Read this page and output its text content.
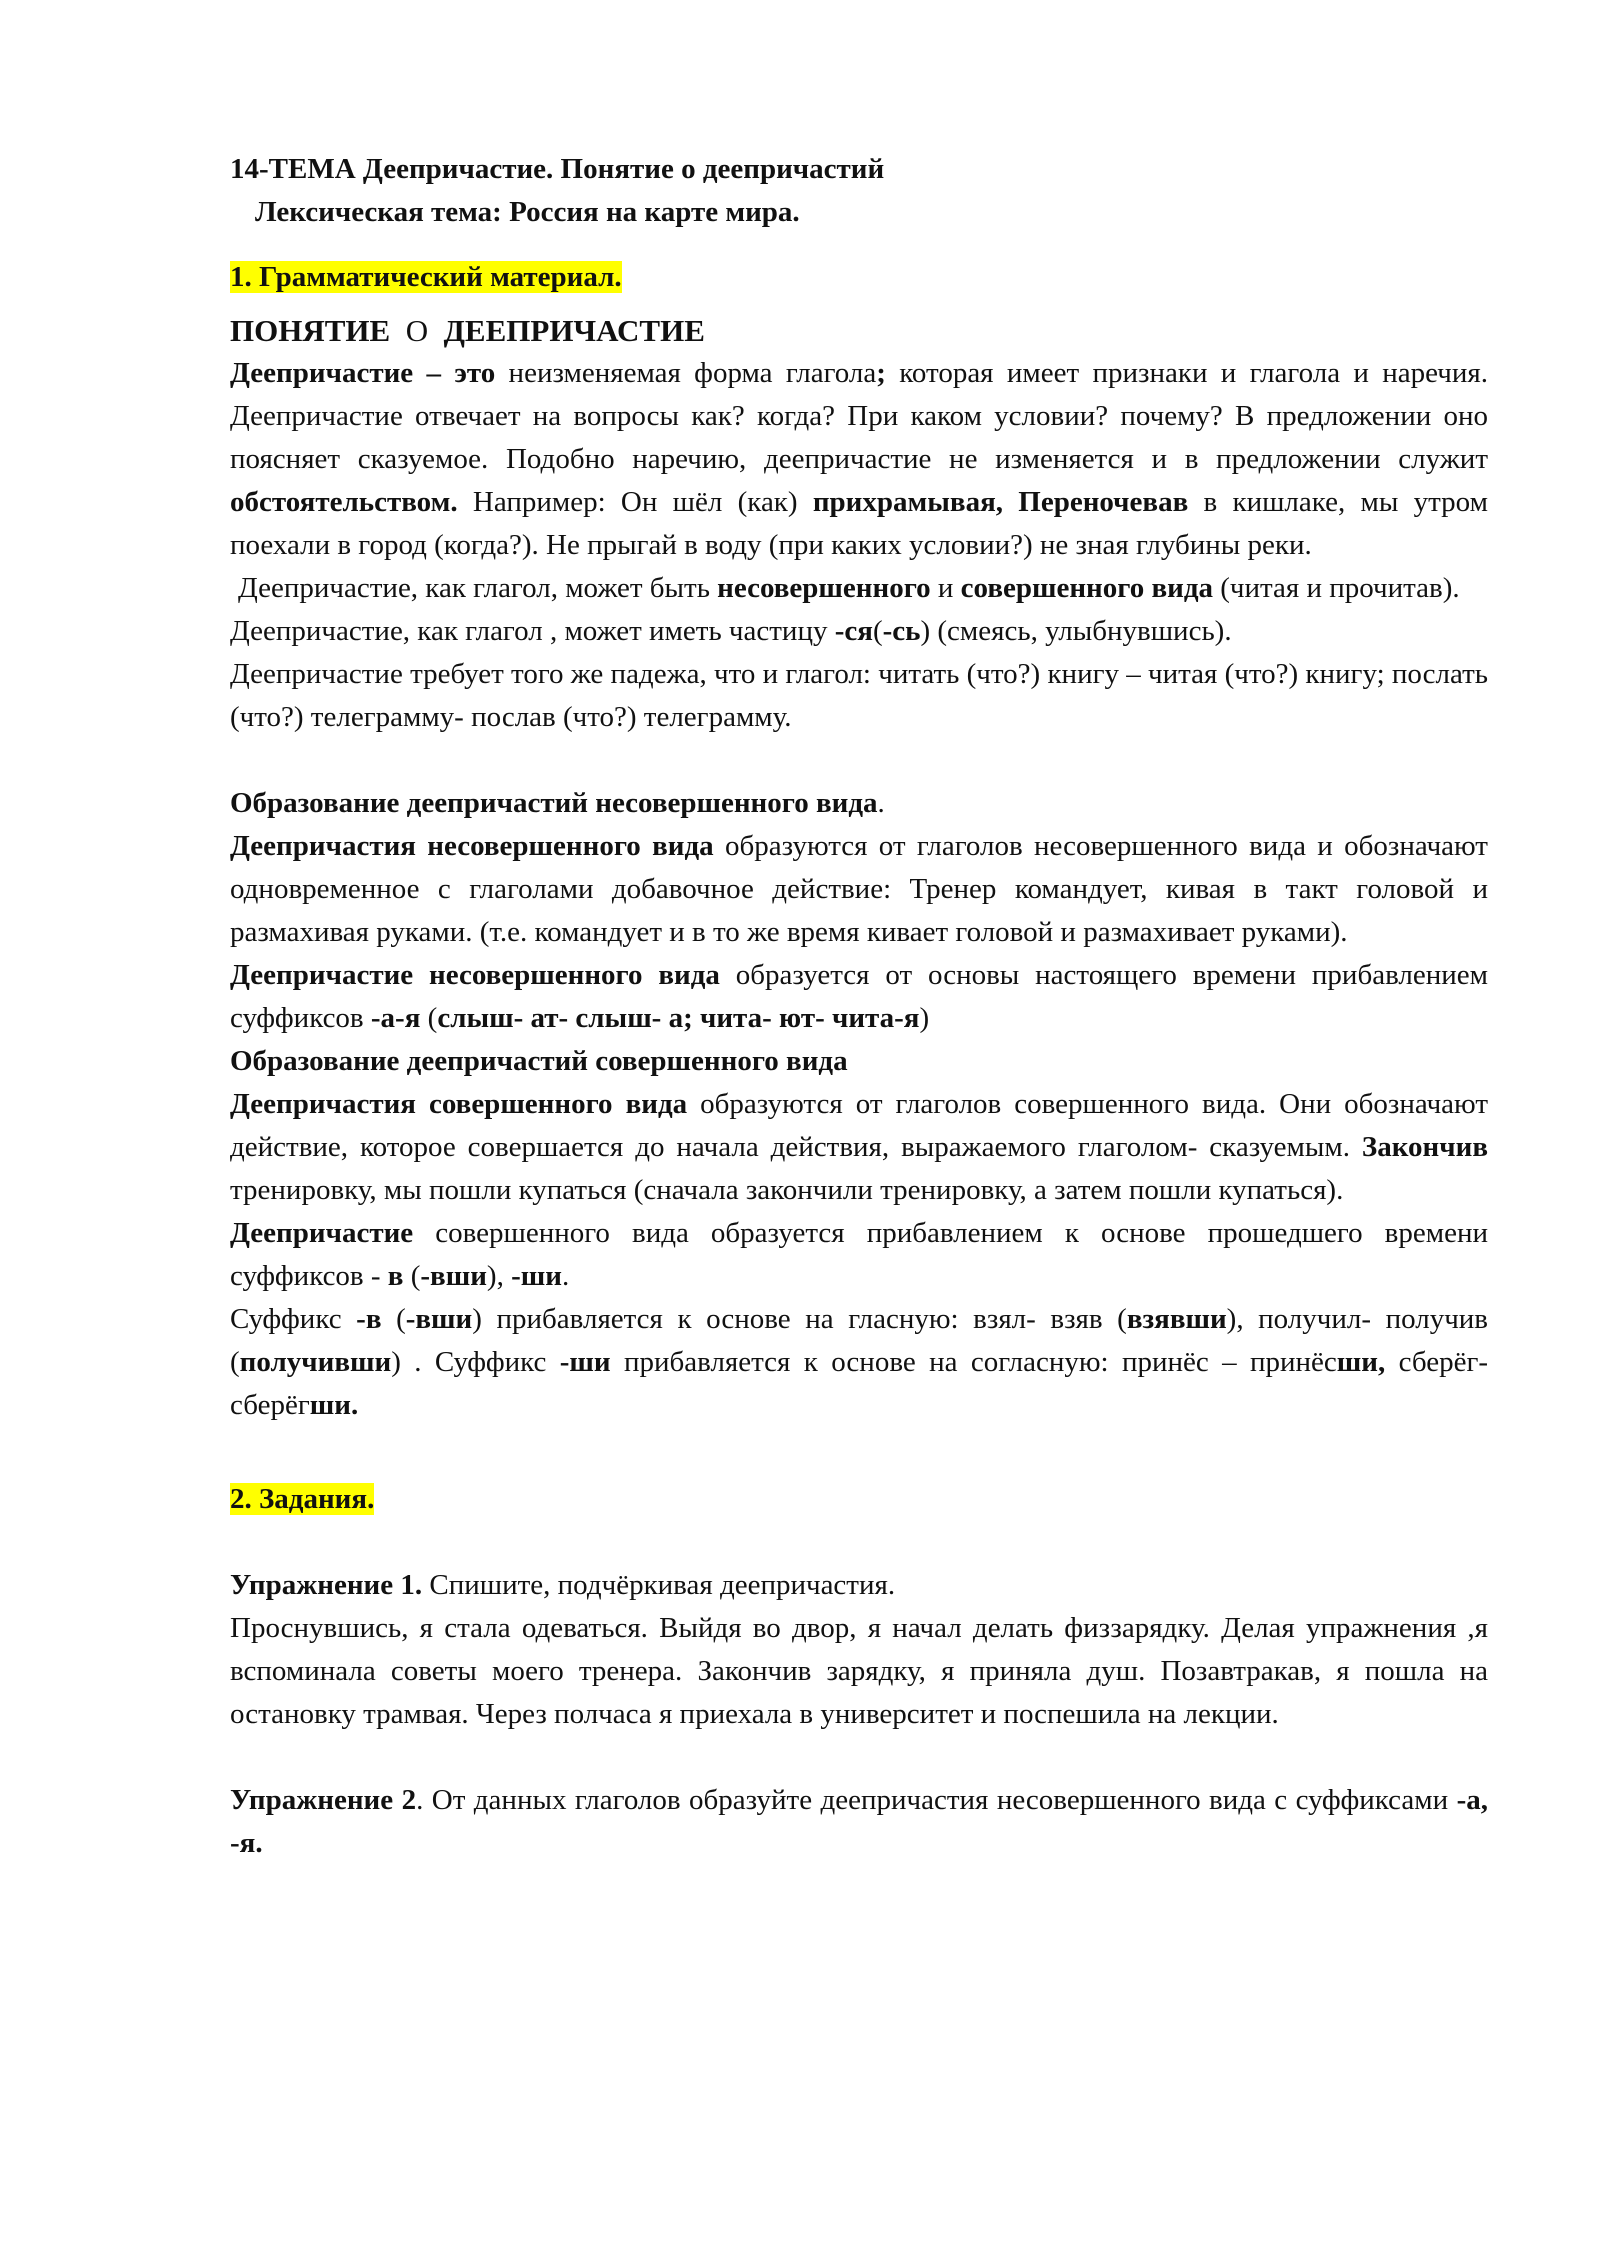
14-ТЕМА Деепричастие. Понятие о деепричастий

Лексическая тема: Россия на карте мира.

1. Грамматический материал.

ПОНЯТИЕ О ДЕЕПРИЧАСТИЕ

Деепричастие – это неизменяемая форма глагола; которая имеет признаки и глагола и наречия. Деепричастие отвечает на вопросы как? когда? При каком условии? почему? В предложении оно поясняет сказуемое. Подобно наречию, деепричастие не изменяется и в предложении служит обстоятельством. Например: Он шёл (как) прихрамывая, Переночевав в кишлаке, мы утром поехали в город (когда?). Не прыгай в воду (при каких условии?) не зная глубины реки.

Деепричастие, как глагол, может быть несовершенного и совершенного вида (читая и прочитав).

Деепричастие, как глагол , может иметь частицу -ся(-сь) (смеясь, улыбнувшись).

Деепричастие требует того же падежа, что и глагол: читать (что?) книгу – читая (что?) книгу; послать (что?) телеграмму- послав (что?) телеграмму.

Образование деепричастий несовершенного вида.

Деепричастия несовершенного вида образуются от глаголов несовершенного вида и обозначают одновременное с глаголами добавочное действие: Тренер командует, кивая в такт головой и размахивая руками. (т.е. командует и в то же время кивает головой и размахивает руками).

Деепричастие несовершенного вида образуется от основы настоящего времени прибавлением суффиксов -а-я (слыш- ат- слыш- а; чита- ют- чита-я)

Образование деепричастий совершенного вида

Деепричастия совершенного вида образуются от глаголов совершенного вида. Они обозначают действие, которое совершается до начала действия, выражаемого глаголом- сказуемым. Закончив тренировку, мы пошли купаться (сначала закончили тренировку, а затем пошли купаться).

Деепричастие совершенного вида образуется прибавлением к основе прошедшего времени суффиксов - в (-вши), -ши.

Суффикс -в (-вши) прибавляется к основе на гласную: взял- взяв (взявши), получил- получив (получивши) . Суффикс -ши прибавляется к основе на согласную: принёс – принёсши, сберёг- сберёгши.

2. Задания.

Упражнение 1. Спишите, подчёркивая деепричастия.

Проснувшись, я стала одеваться. Выйдя во двор, я начал делать физзарядку. Делая упражнения ,я вспоминала советы моего тренера. Закончив зарядку, я приняла душ. Позавтракав, я пошла на остановку трамвая. Через полчаса я приехала в университет и поспешила на лекции.

Упражнение 2. От данных глаголов образуйте деепричастия несовершенного вида с суффиксами -а, -я.
